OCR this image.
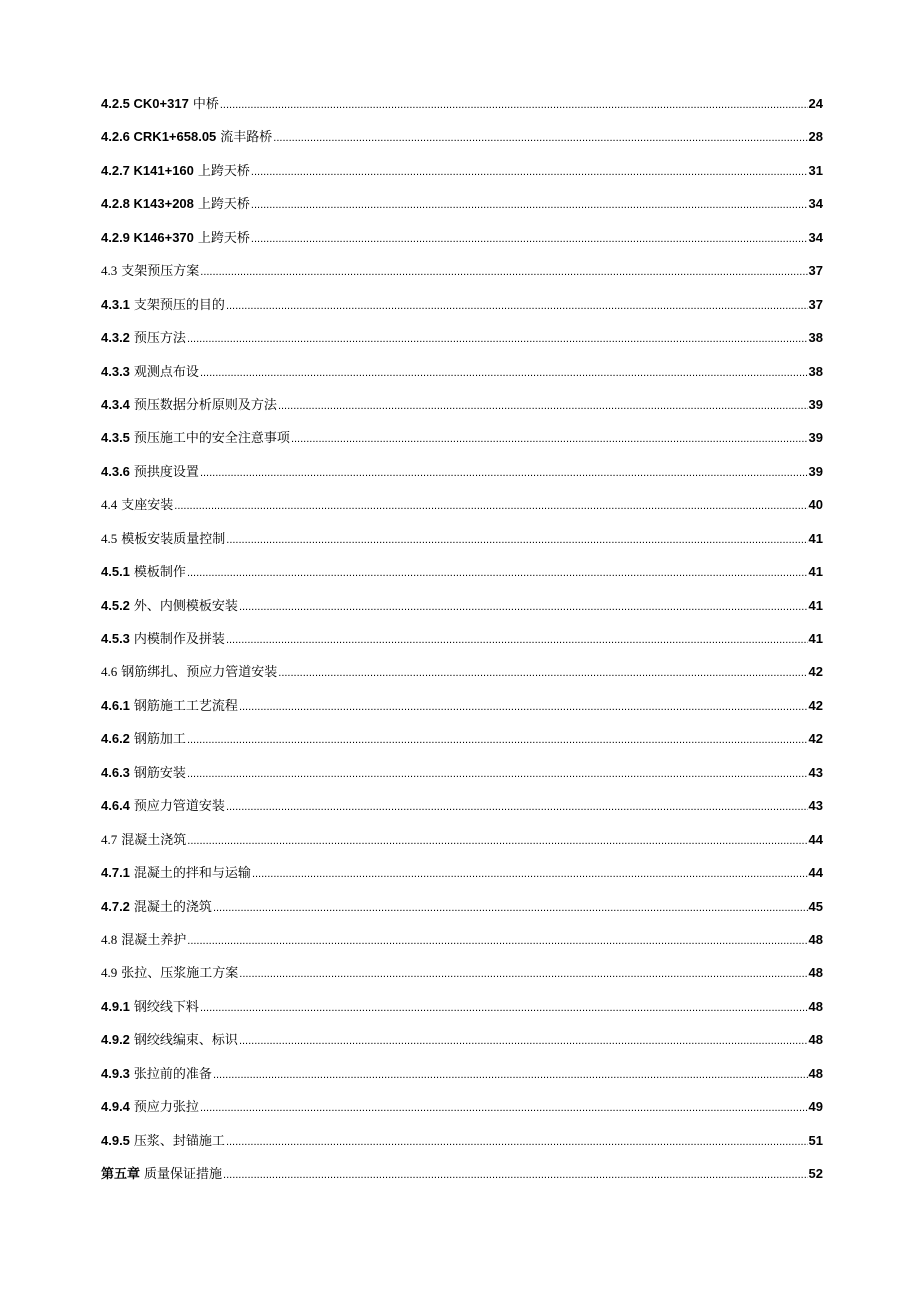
4.2.5 CK0+317 中桥 .....	24
4.2.6 CRK1+658.05 流丰路桥 .....	28
4.2.7 K141+160 上跨天桥 .....	31
4.2.8 K143+208 上跨天桥 .....	34
4.2.9 K146+370 上跨天桥 .....	34
4.3 支架预压方案 .....	37
4.3.1 支架预压的目的 .....	37
4.3.2 预压方法 .....	38
4.3.3 观测点布设 .....	38
4.3.4 预压数据分析原则及方法 .....	39
4.3.5 预压施工中的安全注意事项 .....	39
4.3.6 预拱度设置 .....	39
4.4 支座安装 .....	40
4.5 模板安装质量控制 .....	41
4.5.1 模板制作 .....	41
4.5.2 外、内侧模板安装 .....	41
4.5.3 内模制作及拼装 .....	41
4.6 钢筋绑扎、预应力管道安装 .....	42
4.6.1 钢筋施工工艺流程 .....	42
4.6.2 钢筋加工 .....	42
4.6.3 钢筋安装 .....	43
4.6.4 预应力管道安装 .....	43
4.7 混凝土浇筑 .....	44
4.7.1 混凝土的拌和与运输 .....	44
4.7.2 混凝土的浇筑 .....	45
4.8 混凝土养护 .....	48
4.9 张拉、压浆施工方案 .....	48
4.9.1 钢绞线下料 .....	48
4.9.2 钢绞线编束、标识 .....	48
4.9.3 张拉前的准备 .....	48
4.9.4 预应力张拉 .....	49
4.9.5 压浆、封锚施工 .....	51
第五章 质量保证措施 .....	52
